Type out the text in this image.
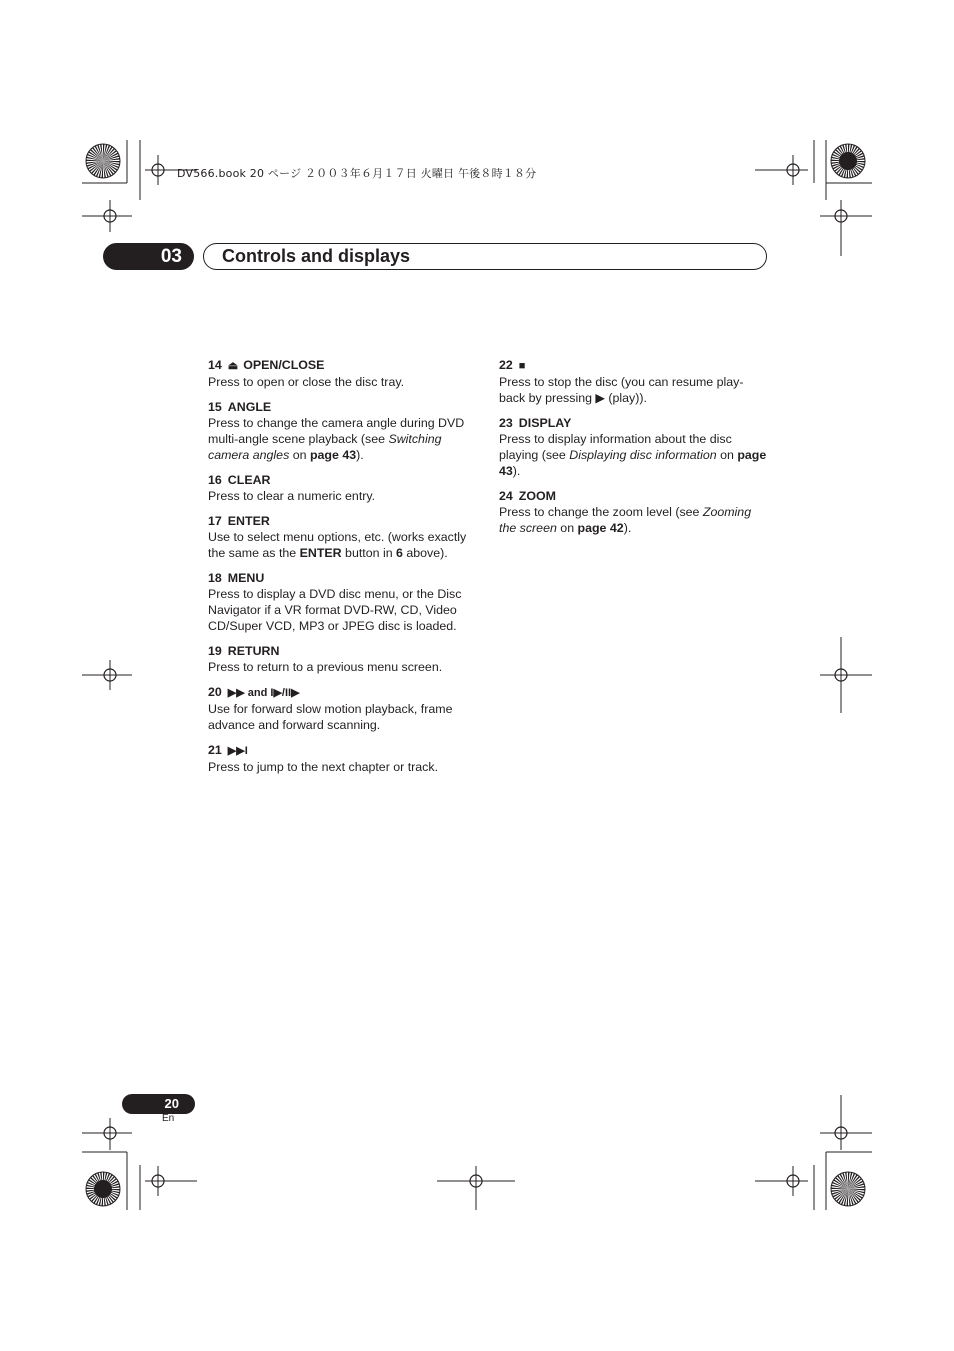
DV566.book 20 ページ ２００３年６月１７日 火曜日 午後８時１８分
03	Controls and displays
14 ⏏ OPEN/CLOSE
Press to open or close the disc tray.
15 ANGLE
Press to change the camera angle during DVD multi-angle scene playback (see Switching camera angles on page 43).
16 CLEAR
Press to clear a numeric entry.
17 ENTER
Use to select menu options, etc. (works exactly the same as the ENTER button in 6 above).
18 MENU
Press to display a DVD disc menu, or the Disc Navigator if a VR format DVD-RW, CD, Video CD/Super VCD, MP3 or JPEG disc is loaded.
19 RETURN
Press to return to a previous menu screen.
20 ▶▶ and I▶/II▶
Use for forward slow motion playback, frame advance and forward scanning.
21 ▶▶I
Press to jump to the next chapter or track.
22 ■
Press to stop the disc (you can resume play-back by pressing ▶ (play)).
23 DISPLAY
Press to display information about the disc playing (see Displaying disc information on page 43).
24 ZOOM
Press to change the zoom level (see Zooming the screen on page 42).
20
En
